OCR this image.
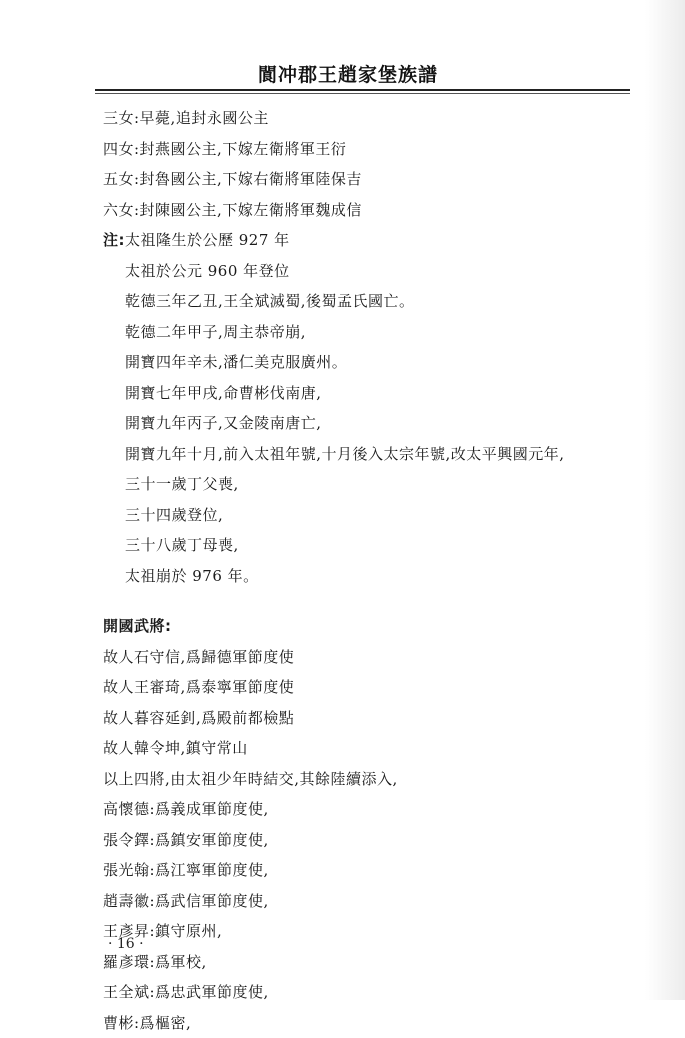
閬冲郡王趙家堡族譜
三女:早薨,追封永國公主
四女:封燕國公主,下嫁左衛將軍王衍
五女:封魯國公主,下嫁右衛將軍陸保吉
六女:封陳國公主,下嫁左衛將軍魏成信
注:太祖隆生於公歷 927 年
太祖於公元 960 年登位
乾德三年乙丑,王全斌滅蜀,後蜀孟氏國亡。
乾德二年甲子,周主恭帝崩,
開寶四年辛未,潘仁美克服廣州。
開寶七年甲戌,命曹彬伐南唐,
開寶九年丙子,又金陵南唐亡,
開寶九年十月,前入太祖年號,十月後入太宗年號,改太平興國元年,
三十一歲丁父喪,
三十四歲登位,
三十八歲丁母喪,
太祖崩於 976 年。
開國武將:
故人石守信,爲歸德軍節度使
故人王審琦,爲泰寧軍節度使
故人暮容延釗,爲殿前都檢點
故人韓令坤,鎮守常山
以上四將,由太祖少年時結交,其餘陸續添入,
高懷德:爲義成軍節度使,
張令鐸:爲鎮安軍節度使,
張光翰:爲江寧軍節度使,
趙壽徽:爲武信軍節度使,
王彥昇:鎮守原州,
羅彥環:爲軍校,
王全斌:爲忠武軍節度使,
曹彬:爲樞密,
· 16 ·
